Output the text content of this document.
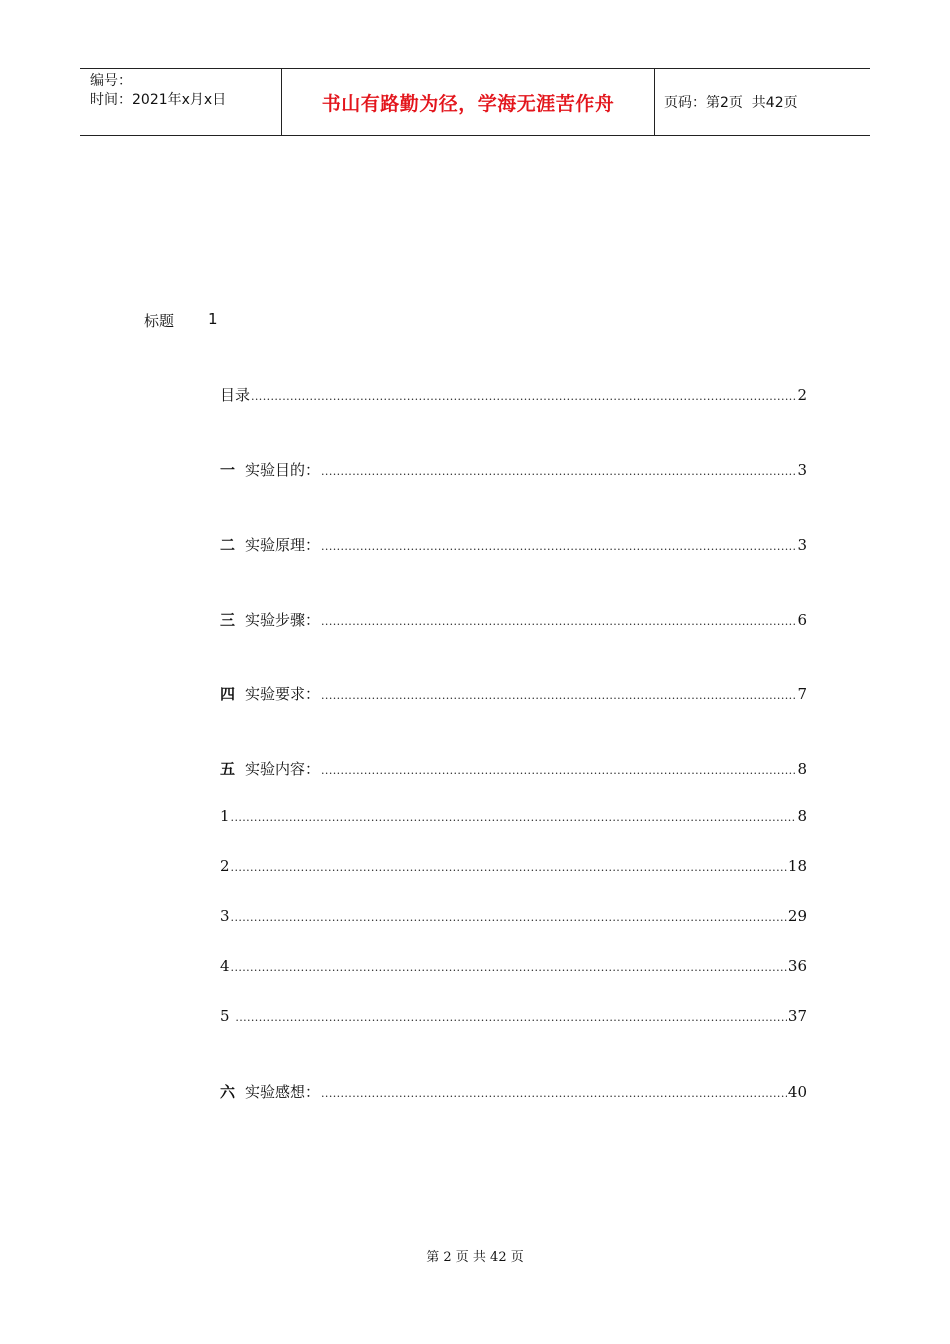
编号：
时间：2021年x月x日	书山有路勤为径，学海无涯苦作舟	页码：第2页  共42页
标题 1
目录 .....	2
一 实验目的： .....	3
二 实验原理： .....	3
三 实验步骤： .....	6
四 实验要求： .....	7
五 实验内容： .....	8
1 .....	8
2 .....	18
3 .....	29
4 .....	36
5 .....	37
六 实验感想： .....	40
第 2 页 共 42 页
